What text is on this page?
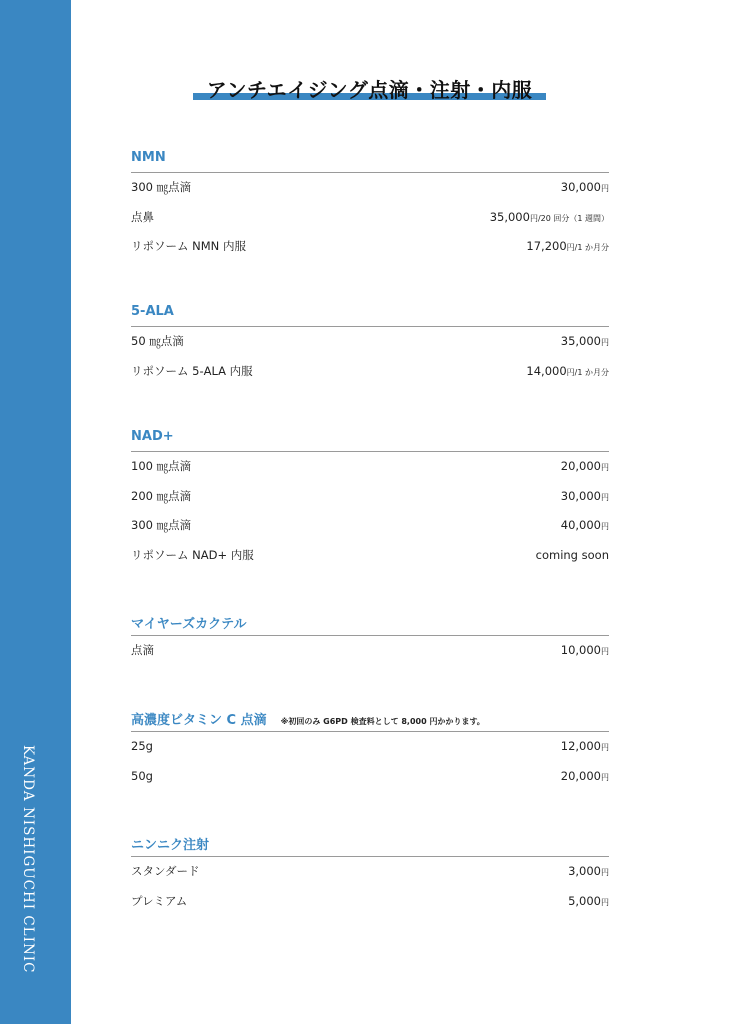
KANDA NISHIGUCHI CLINIC
アンチエイジング点滴・注射・内服
NMN
300 ㎎点滴	30,000円
点鼻	35,000円/20 回分（1 週間）
リポソーム NMN 内服	17,200円/1 か月分
5-ALA
50 ㎎点滴	35,000円
リポソーム 5-ALA 内服	14,000円/1 か月分
NAD+
100 ㎎点滴	20,000円
200 ㎎点滴	30,000円
300 ㎎点滴	40,000円
リポソーム NAD+ 内服	coming soon
マイヤーズカクテル
点滴	10,000円
高濃度ビタミン C 点滴 ※初回のみ G6PD 検査料として 8,000 円かかります。
25g	12,000円
50g	20,000円
ニンニク注射
スタンダード	3,000円
プレミアム	5,000円
